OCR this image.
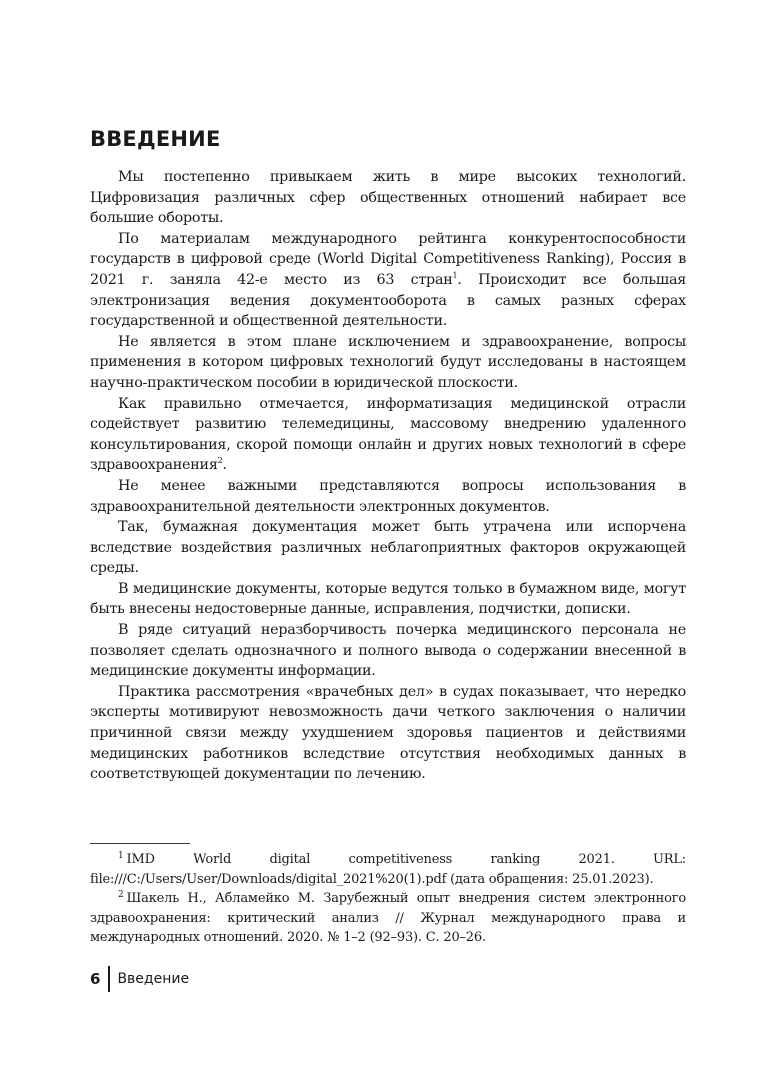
ВВЕДЕНИЕ

Мы постепенно привыкаем жить в мире высоких технологий. Цифровизация различных сфер общественных отношений набирает все большие обороты.

По материалам международного рейтинга конкурентоспособности государств в цифровой среде (World Digital Competitiveness Ranking), Россия в 2021 г. заняла 42-е место из 63 стран$^1$. Происходит все большая электронизация ведения документооборота в самых разных сферах государственной и общественной деятельности.

Не является в этом плане исключением и здравоохранение, вопросы применения в котором цифровых технологий будут исследованы в настоящем научно-практическом пособии в юридической плоскости.

Как правильно отмечается, информатизация медицинской отрасли содействует развитию телемедицины, массовому внедрению удаленного консультирования, скорой помощи онлайн и других новых технологий в сфере здравоохранения$^2$.

Не менее важными представляются вопросы использования в здравоохранительной деятельности электронных документов.

Так, бумажная документация может быть утрачена или испорчена вследствие воздействия различных неблагоприятных факторов окружающей среды.

В медицинские документы, которые ведутся только в бумажном виде, могут быть внесены недостоверные данные, исправления, подчистки, дописки.

В ряде ситуаций неразборчивость почерка медицинского персонала не позволяет сделать однозначного и полного вывода о содержании внесенной в медицинские документы информации.

Практика рассмотрения «врачебных дел» в судах показывает, что нередко эксперты мотивируют невозможность дачи четкого заключения о наличии причинной связи между ухудшением здоровья пациентов и действиями медицинских работников вследствие отсутствия необходимых данных в соответствующей документации по лечению.

$^1$ IMD World digital competitiveness ranking 2021. URL: file:///C:/Users/User/Downloads/digital_2021%20(1).pdf (дата обращения: 25.01.2023).

$^2$ Шакель Н., Абламейко М. Зарубежный опыт внедрения систем электронного здравоохранения: критический анализ // Журнал международного права и международных отношений. 2020. № 1–2 (92–93). С. 20–26.

6 Введение
